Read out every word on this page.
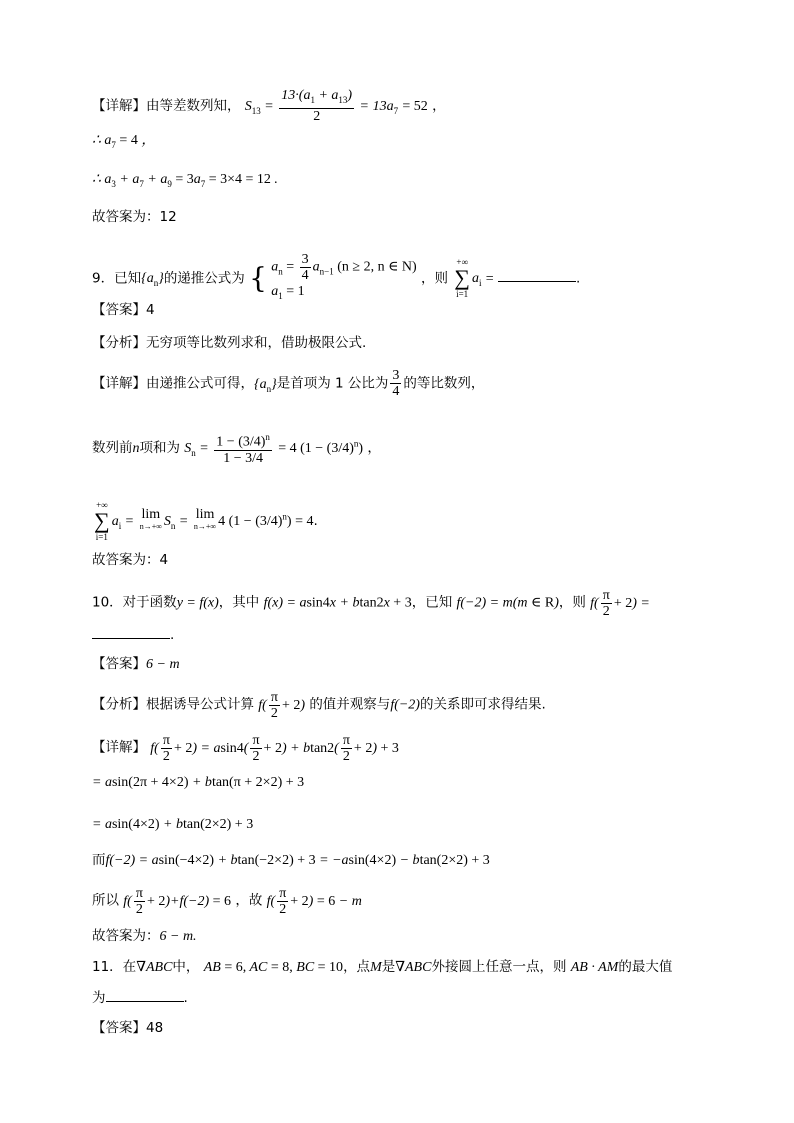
【详解】由等差数列知， $S_{13} = \frac{13\cdot(a_1 + a_{13})}{2} = 13a_7 = 52$ ，
∴ $a_7 = 4$ ，
∴ $a_3 + a_7 + a_9 = 3a_7 = 3\times 4 = 12$ .
故答案为：12
9．已知$\{a_n\}$的递推公式为 { $a_n = \frac{3}{4} a_{n-1}$ (n ≥ 2, n ∈ N)
$a_1 = 1$
，则 +∞
∑
$i=1a_i$ =	.
【答案】4
【分析】无穷项等比数列求和，借助极限公式.
【详解】由递推公式可得，$\{a_n\}$是首项为 1 公比为 $\frac{3}{4}$ 的等比数列，
数列前n项和为 $S_n = \frac{1 - (3/4)^n}{1 - 3/4} = 4$ $(1 - (3/4)^n)$ ，
+∞
∑
$i=1a_i = \lim$
n→+∞ $S_n = \lim$
n→+∞ 4 $(1 - (3/4)^n) = 4$.
故答案为：4
10．对于函数y = f(x)，其中 f(x) = asin4x + btan2x + 3，已知 f(−2) = m(m ∈ R)，则 $f( \frac{\pi}{2} + 2)$ =
.
【答案】6 − m
【分析】根据诱导公式计算 $f( \frac{\pi}{2} + 2)$ 的值并观察与f(−2)的关系即可求得结果.
【详解】 $f( \frac{\pi}{2} + 2) = asin4( \frac{\pi}{2} + 2) + btan2( \frac{\pi}{2} + 2) + 3$
= asin(2π + 4×2) + btan(π + 2×2) + 3
= asin(4×2) + btan(2×2) + 3
而f(−2) = asin(−4×2) + btan(−2×2) + 3 = −asin(4×2) − btan(2×2) + 3
所以 $f( \frac{\pi}{2} + 2)+f(-2) = 6$ ，故 $f( \frac{\pi}{2} + 2) = 6 - m$
故答案为：6 − m.
11．在∇ABC中， AB = 6, AC = 8, BC = 10，点M是∇ABC外接圆上任意一点，则 AB · AM的最大值
为	.
【答案】48
